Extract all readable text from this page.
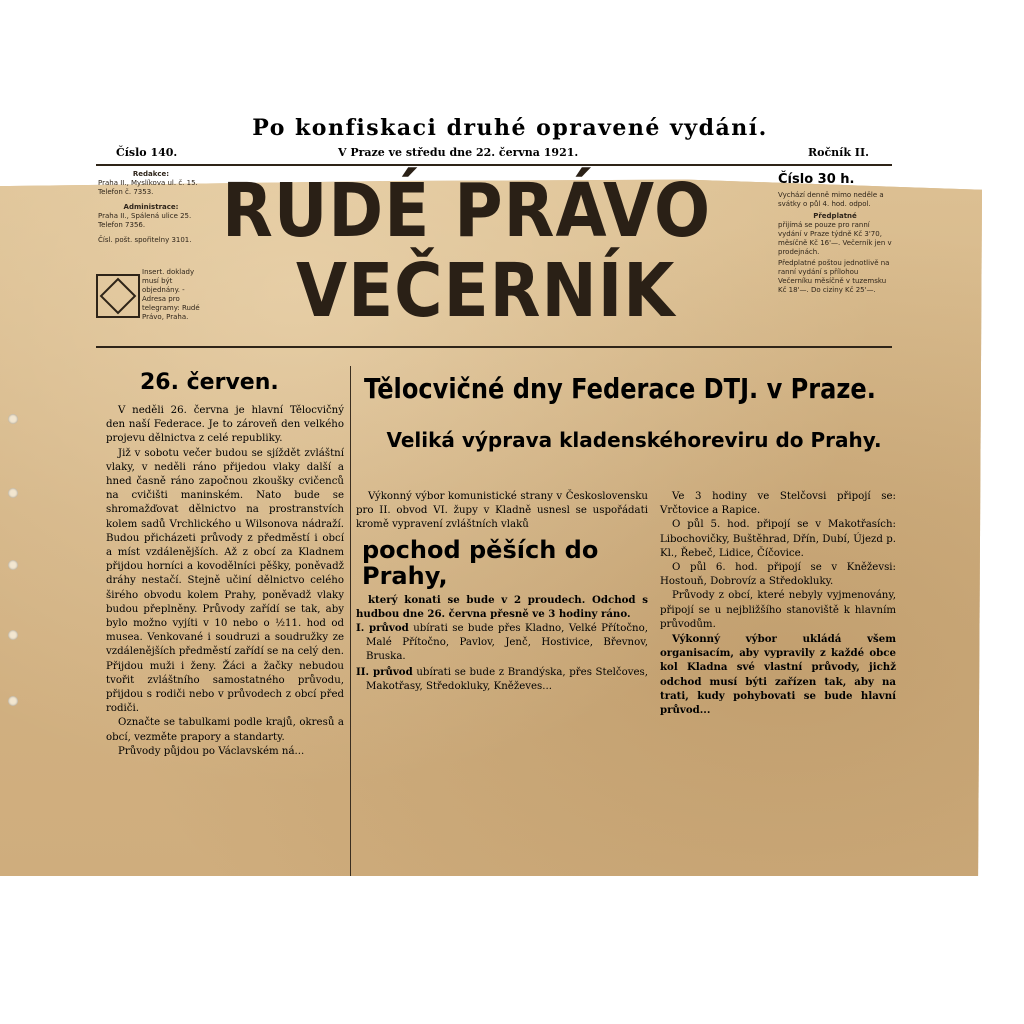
Po konfiskaci druhé opravené vydání.
Číslo 140.	V Praze ve středu dne 22. června 1921.	Ročník II.
Redakce:
Praha II., Myslíkova ul. č. 15. Telefon č. 7353.
Administrace:
Praha II., Spálená ulice 25. Telefon 7356.
Čísl. pošt. spořitelny 3101.
Insert. doklady musí být objednány. - Adresa pro telegramy: Rudé Právo, Praha.
RUDÉ PRÁVO
VEČERNÍK
Číslo 30 h.
Vychází denně mimo neděle a svátky o půl 4. hod. odpol.
Předplatné
přijímá se pouze pro ranní vydání v Praze týdně Kč 3'70, měsíčně Kč 16'—. Večerník jen v prodejnách.
Předplatné poštou jednotlivě na ranní vydání s přílohou Večerníku měsíčně v tuzemsku Kč 18'—. Do ciziny Kč 25'—.
26. červen.

V neděli 26. června je hlavní Tělocvičný den naší Federace. Je to zároveň den velkého projevu dělnictva z celé republiky.

Již v sobotu večer budou se sjíždět zvláštní vlaky, v neděli ráno přijedou vlaky další a hned časně ráno započnou zkoušky cvičenců na cvičišti maninském. Nato bude se shromažďovat dělnictvo na prostranstvích kolem sadů Vrchlického u Wilsonova nádraží. Budou přicházeti průvody z předměstí i obcí a míst vzdálenějších. Až z obcí za Kladnem přijdou horníci a kovodělníci pěšky, poněvadž dráhy nestačí. Stejně učiní dělnictvo celého širého obvodu kolem Prahy, poněvadž vlaky budou přeplněny. Průvody zařídí se tak, aby bylo možno vyjíti v 10 nebo o ½11. hod od musea. Venkované i soudruzi a soudružky ze vzdálenějších předměstí zařídí se na celý den. Přijdou muži i ženy. Žáci a žačky nebudou tvořit zvláštního samostatného průvodu, přijdou s rodiči nebo v průvodech z obcí před rodiči.

Označte se tabulkami podle krajů, okresů a obcí, vezměte prapory a standarty.

Průvody půjdou po Václavském ná...

Tělocvičné dny Federace DTJ. v Praze.
Veliká výprava kladenskéhoreviru do Prahy.

Výkonný výbor komunistické strany v Československu pro II. obvod VI. župy v Kladně usnesl se uspořádati kromě vypravení zvláštních vlaků

pochod pěších do Prahy,

který konati se bude v 2 proudech. Odchod s hudbou dne 26. června přesně ve 3 hodiny ráno.

I. průvod ubírati se bude přes Kladno, Velké Přítočno, Malé Přítočno, Pavlov, Jenč, Hostivice, Břevnov, Bruska.

II. průvod ubírati se bude z Brandýska, přes Stelčoves, Makotřasy, Středokluky, Kněževes...

Ve 3 hodiny ve Stelčovsi připojí se: Vrčtovice a Rapice.

O půl 5. hod. připojí se v Makotřasích: Libochovičky, Buštěhrad, Dřín, Dubí, Újezd p. Kl., Řebeč, Lidice, Číčovice.

O půl 6. hod. připojí se v Kněževsi: Hostouň, Dobrovíz a Středokluky.

Průvody z obcí, které nebyly vyjmenovány, připojí se u nejbližšího stanoviště k hlavním průvodům.

Výkonný výbor ukládá všem organisacím, aby vypravily z každé obce kol Kladna své vlastní průvody, jichž odchod musí býti zařízen tak, aby na trati, kudy pohybovati se bude hlavní průvod...
